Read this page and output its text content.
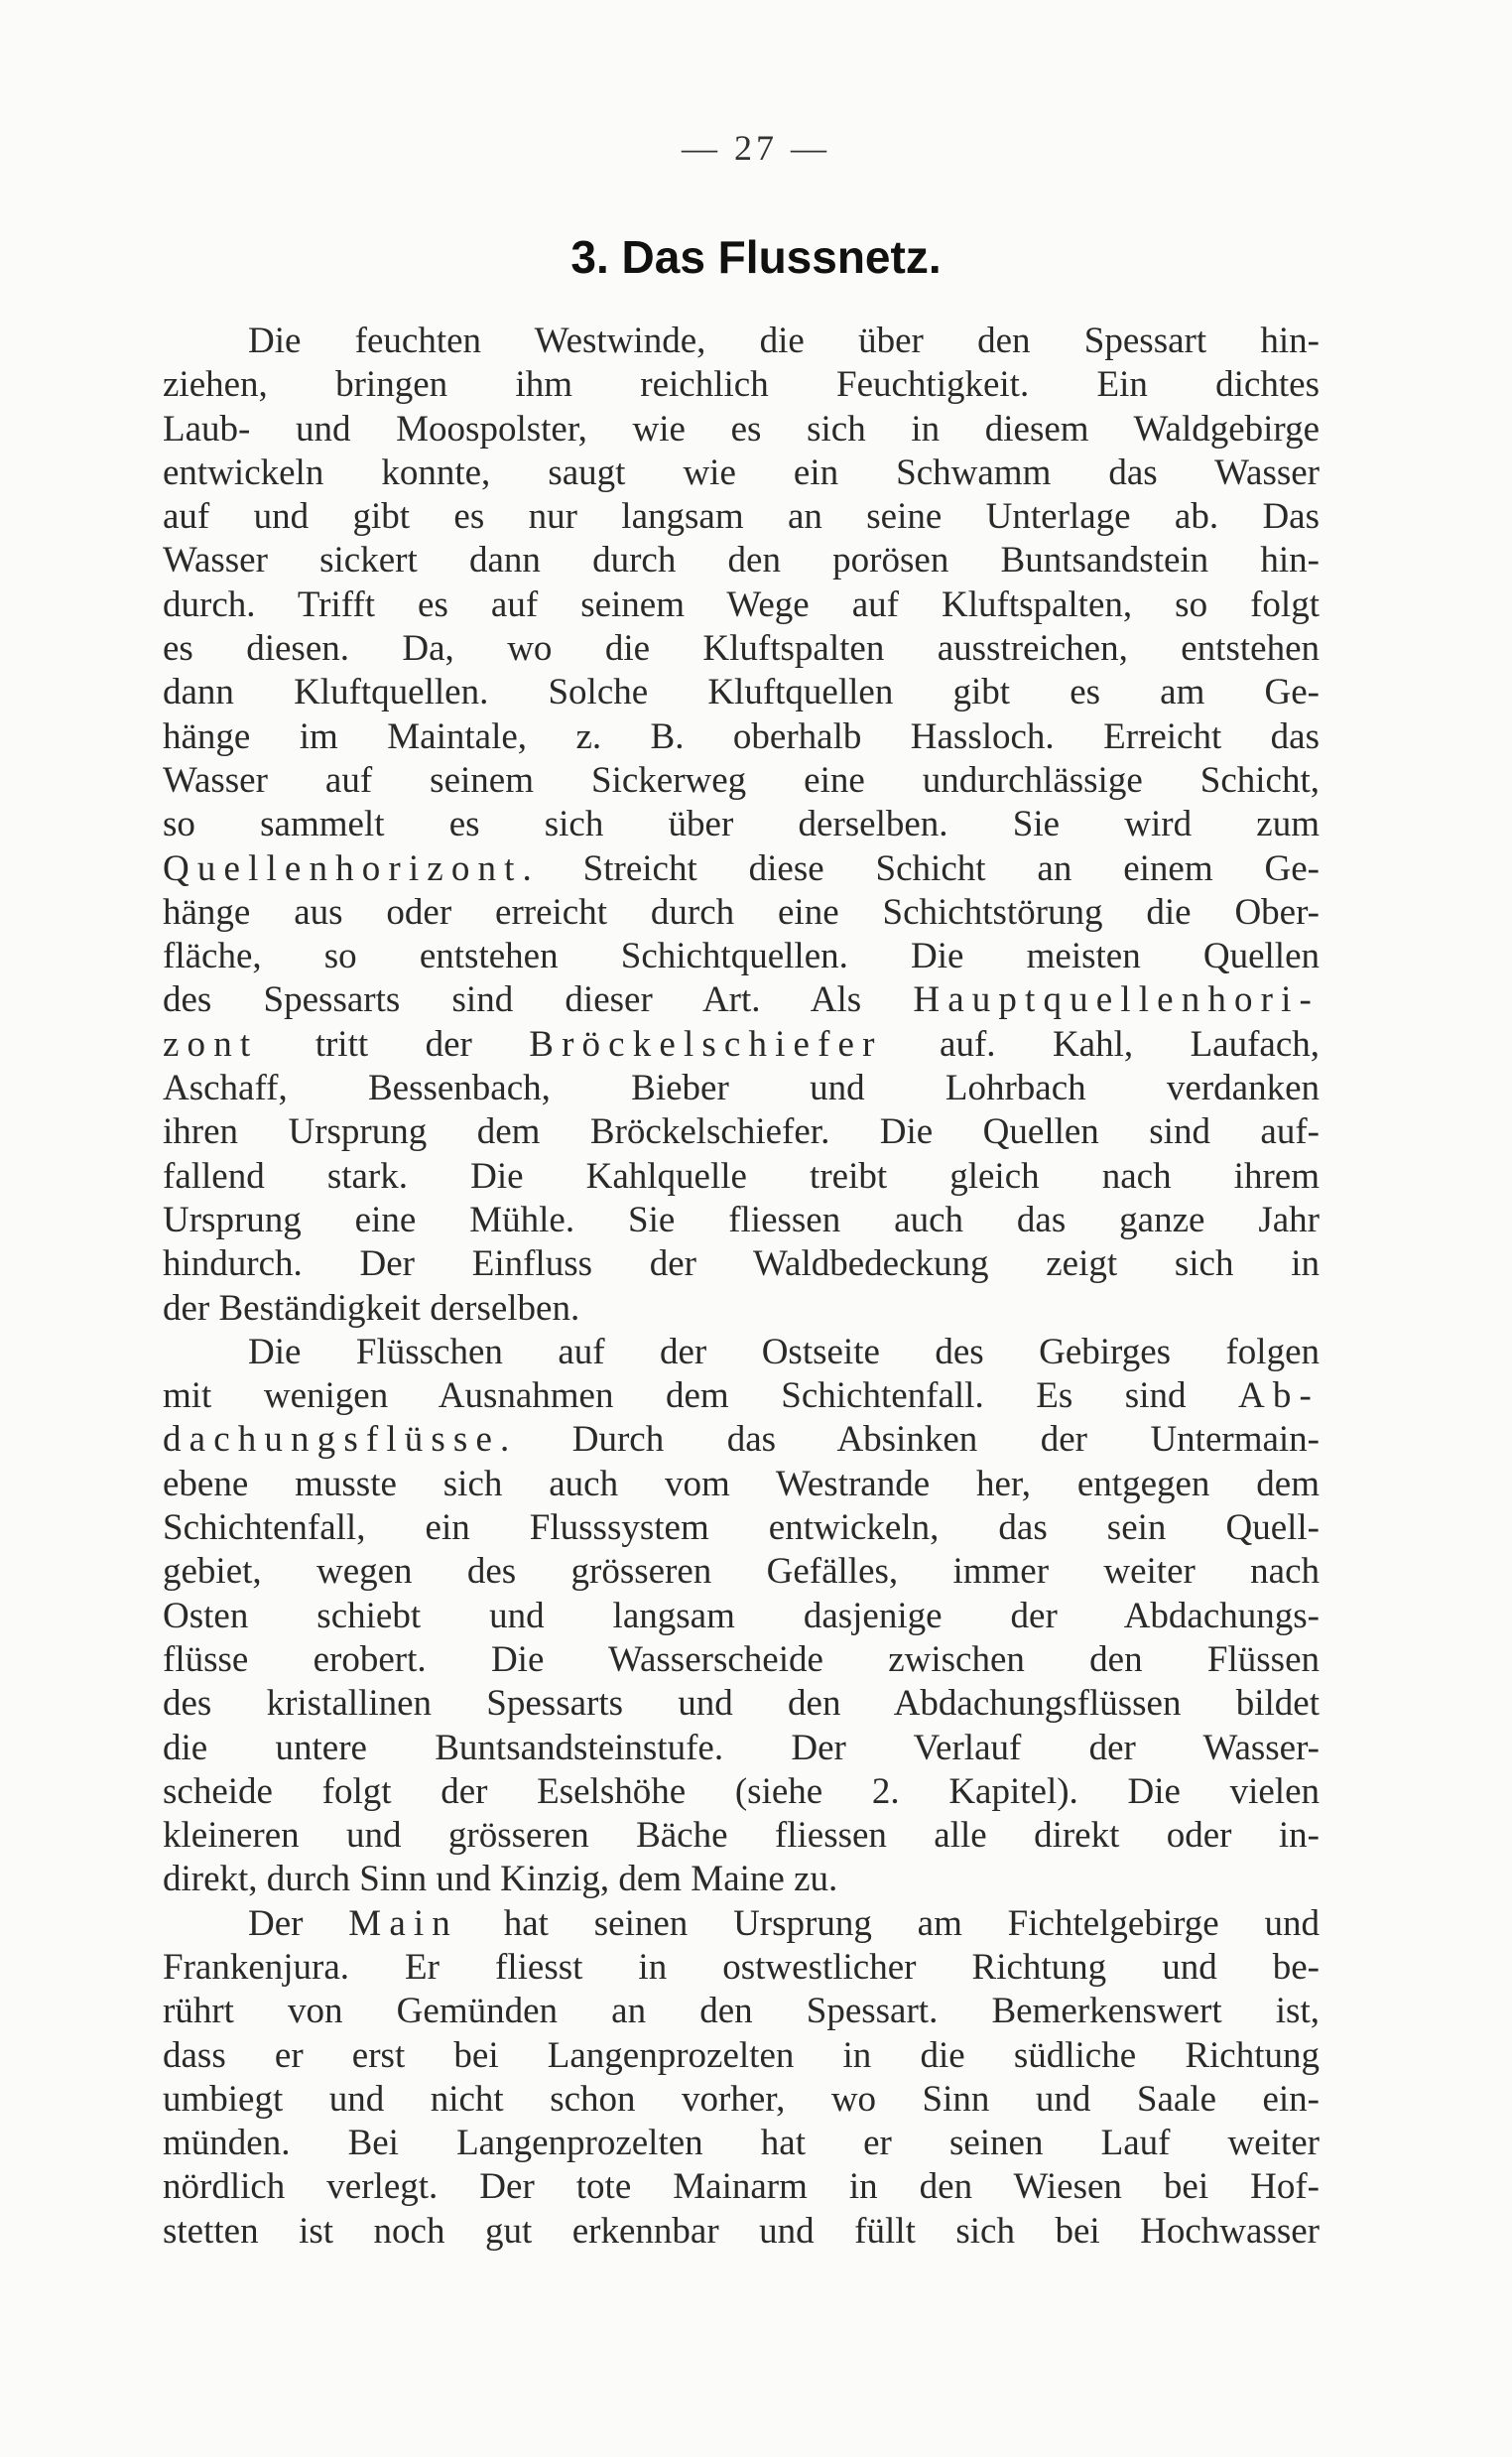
— 27 —
3. Das Flussnetz.
Die feuchten Westwinde, die über den Spessart hin-
ziehen, bringen ihm reichlich Feuchtigkeit. Ein dichtes
Laub- und Moospolster, wie es sich in diesem Waldgebirge
entwickeln konnte, saugt wie ein Schwamm das Wasser
auf und gibt es nur langsam an seine Unterlage ab. Das
Wasser sickert dann durch den porösen Buntsandstein hin-
durch. Trifft es auf seinem Wege auf Kluftspalten, so folgt
es diesen. Da, wo die Kluftspalten ausstreichen, entstehen
dann Kluftquellen. Solche Kluftquellen gibt es am Ge-
hänge im Maintale, z. B. oberhalb Hassloch. Erreicht das
Wasser auf seinem Sickerweg eine undurchlässige Schicht,
so sammelt es sich über derselben. Sie wird zum
Quellenhorizont. Streicht diese Schicht an einem Ge-
hänge aus oder erreicht durch eine Schichtstörung die Ober-
fläche, so entstehen Schichtquellen. Die meisten Quellen
des Spessarts sind dieser Art. Als Hauptquellenhori-
zont tritt der Bröckelschiefer auf. Kahl, Laufach,
Aschaff, Bessenbach, Bieber und Lohrbach verdanken
ihren Ursprung dem Bröckelschiefer. Die Quellen sind auf-
fallend stark. Die Kahlquelle treibt gleich nach ihrem
Ursprung eine Mühle. Sie fliessen auch das ganze Jahr
hindurch. Der Einfluss der Waldbedeckung zeigt sich in
der Beständigkeit derselben.
Die Flüsschen auf der Ostseite des Gebirges folgen
mit wenigen Ausnahmen dem Schichtenfall. Es sind Ab-
dachungsflüsse. Durch das Absinken der Untermain-
ebene musste sich auch vom Westrande her, entgegen dem
Schichtenfall, ein Flusssystem entwickeln, das sein Quell-
gebiet, wegen des grösseren Gefälles, immer weiter nach
Osten schiebt und langsam dasjenige der Abdachungs-
flüsse erobert. Die Wasserscheide zwischen den Flüssen
des kristallinen Spessarts und den Abdachungsflüssen bildet
die untere Buntsandsteinstufe. Der Verlauf der Wasser-
scheide folgt der Eselshöhe (siehe 2. Kapitel). Die vielen
kleineren und grösseren Bäche fliessen alle direkt oder in-
direkt, durch Sinn und Kinzig, dem Maine zu.
Der Main hat seinen Ursprung am Fichtelgebirge und
Frankenjura. Er fliesst in ostwestlicher Richtung und be-
rührt von Gemünden an den Spessart. Bemerkenswert ist,
dass er erst bei Langenprozelten in die südliche Richtung
umbiegt und nicht schon vorher, wo Sinn und Saale ein-
münden. Bei Langenprozelten hat er seinen Lauf weiter
nördlich verlegt. Der tote Mainarm in den Wiesen bei Hof-
stetten ist noch gut erkennbar und füllt sich bei Hochwasser
